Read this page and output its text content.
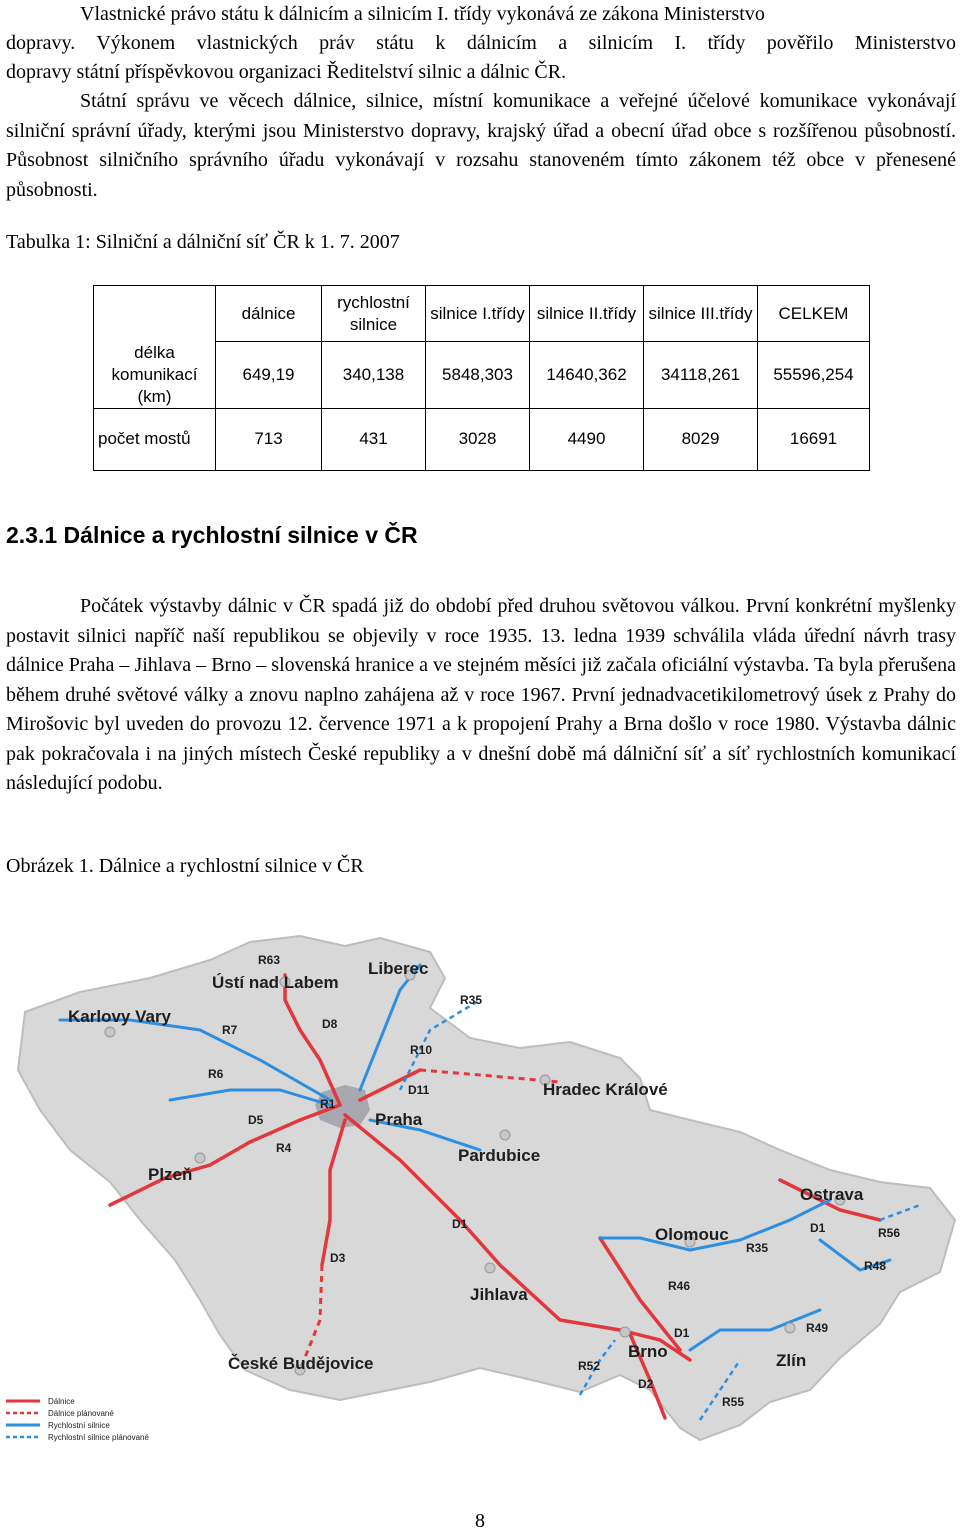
Vlastnické právo státu k dálnicím a silnicím I. třídy vykonává ze zákona Ministerstvo
dopravy. Výkonem vlastnických práv státu k dálnicím a silnicím I. třídy pověřilo Ministerstvo
dopravy státní příspěvkovou organizaci Ředitelství silnic a dálnic ČR.
Státní správu ve věcech dálnice, silnice, místní komunikace a veřejné účelové komunikace vykonávají silniční správní úřady, kterými jsou Ministerstvo dopravy, krajský úřad a obecní úřad obce s rozšířenou působností. Působnost silničního správního úřadu vykonávají v rozsahu stanoveném tímto zákonem též obce v přenesené působnosti.
Tabulka 1: Silniční a dálniční síť ČR k 1. 7. 2007
	dálnice	rychlostní silnice	silnice I.třídy	silnice II.třídy	silnice III.třídy	CELKEM
délka komunikací (km)	649,19	340,138	5848,303	14640,362	34118,261	55596,254
počet mostů	713	431	3028	4490	8029	16691
2.3.1 Dálnice a rychlostní silnice v ČR
Počátek výstavby dálnic v ČR spadá již do období před druhou světovou válkou. První konkrétní myšlenky postavit silnici napříč naší republikou se objevily v roce 1935. 13. ledna 1939 schválila vláda úřední návrh trasy dálnice Praha – Jihlava – Brno – slovenská hranice a ve stejném měsíci již začala oficiální výstavba. Ta byla přerušena během druhé světové války a znovu naplno zahájena až v roce 1967. První jednadvacetikilometrový úsek z Prahy do Mirošovic byl uveden do provozu 12. července 1971 a k propojení Prahy a Brna došlo v roce 1980. Výstavba dálnic pak pokračovala i na jiných místech České republiky a v dnešní době má dálniční síť a síť rychlostních komunikací následující podobu.
Obrázek 1. Dálnice a rychlostní silnice v ČR
Ústí nad Labem
Liberec
Karlovy Vary
Hradec Králové
Praha
Pardubice
Plzeň
Ostrava
Olomouc
Jihlava
Brno	Zlín
České Budějovice
R63
R35
D8
R7
R10
R6
D11
R1
D5
R4
D1
D3
R35
D1	R56
R48
R46
R49
D1
R52
D2
R55
Dálnice
Dálnice plánované
Rychlostní silnice
Rychlostní silnice plánované
8
